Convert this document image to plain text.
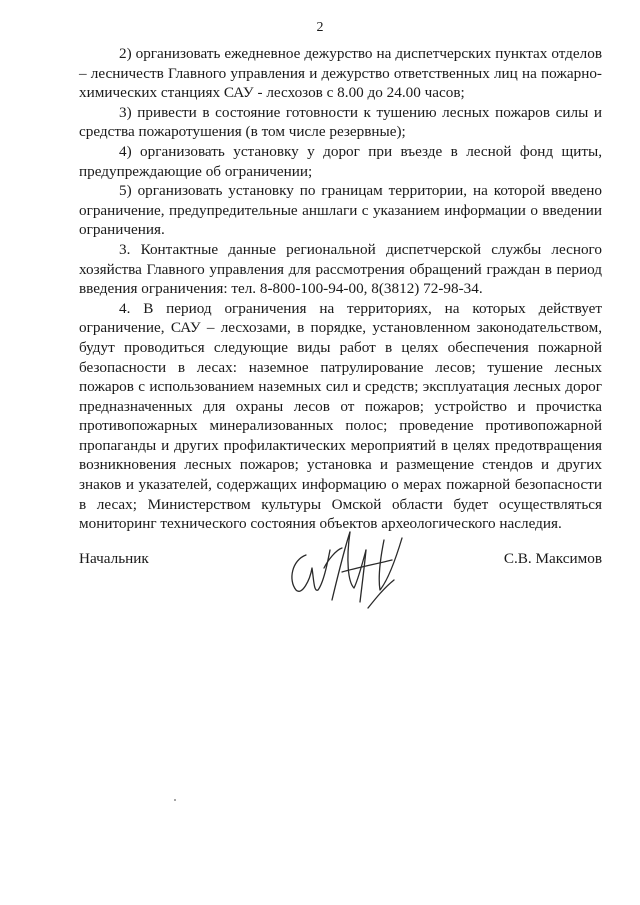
2

2) организовать ежедневное дежурство на диспетчерских пунктах отделов – лесничеств Главного управления и дежурство ответственных лиц на пожарно-химических станциях САУ - лесхозов с 8.00 до 24.00 часов;

3) привести в состояние готовности к тушению лесных пожаров силы и средства пожаротушения (в том числе резервные);

4) организовать установку у дорог при въезде в лесной фонд щиты, предупреждающие об ограничении;

5) организовать установку по границам территории, на которой введено ограничение, предупредительные аншлаги с указанием информации о введении ограничения.

3. Контактные данные региональной диспетчерской службы лесного хозяйства Главного управления для рассмотрения обращений граждан в период введения ограничения: тел. 8-800-100-94-00, 8(3812) 72-98-34.

4. В период ограничения на территориях, на которых действует ограничение, САУ – лесхозами, в порядке, установленном законодательством, будут проводиться следующие виды работ в целях обеспечения пожарной безопасности в лесах: наземное патрулирование лесов; тушение лесных пожаров с использованием наземных сил и средств; эксплуатация лесных дорог предназначенных для охраны лесов от пожаров; устройство и прочистка противопожарных минерализованных полос; проведение противопожарной пропаганды и других профилактических мероприятий в целях предотвращения возникновения лесных пожаров; установка и размещение стендов и других знаков и указателей, содержащих информацию о мерах пожарной безопасности в лесах; Министерством культуры Омской области будет осуществляться мониторинг технического состояния объектов археологического наследия.

Начальник	С.В. Максимов
